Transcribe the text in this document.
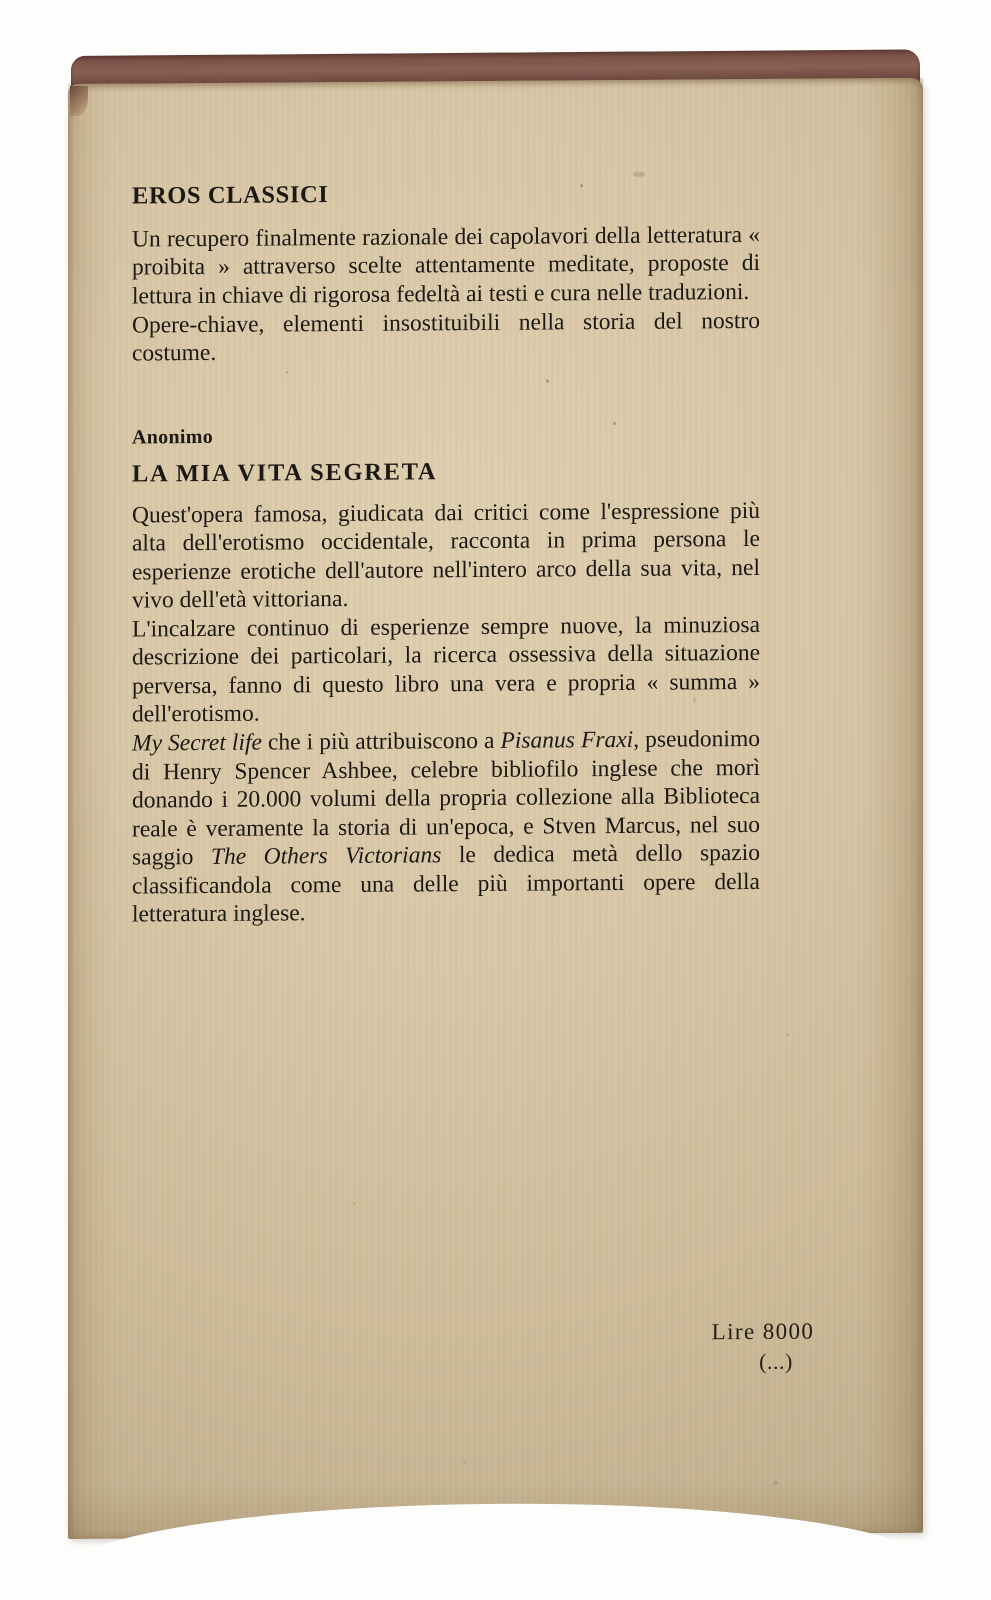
EROS CLASSICI

Un recupero finalmente razionale dei capolavori della letteratura « proibita » attraverso scelte attentamente meditate, proposte di lettura in chiave di rigorosa fedeltà ai testi e cura nelle traduzioni.

Opere-chiave, elementi insostituibili nella storia del nostro costume.

Anonimo

LA MIA VITA SEGRETA

Quest'opera famosa, giudicata dai critici come l'espressione più alta dell'erotismo occidentale, racconta in prima persona le esperienze erotiche dell'autore nell'intero arco della sua vita, nel vivo dell'età vittoriana.

L'incalzare continuo di esperienze sempre nuove, la minuziosa descrizione dei particolari, la ricerca ossessiva della situazione perversa, fanno di questo libro una vera e propria « summa » dell'erotismo.

My Secret life che i più attribuiscono a Pisanus Fraxi, pseudonimo di Henry Spencer Ashbee, celebre bibliofilo inglese che morì donando i 20.000 volumi della propria collezione alla Biblioteca reale è veramente la storia di un'epoca, e Stven Marcus, nel suo saggio The Others Victorians le dedica metà dello spazio classificandola come una delle più importanti opere della letteratura inglese.

Lire 8000

(...)
